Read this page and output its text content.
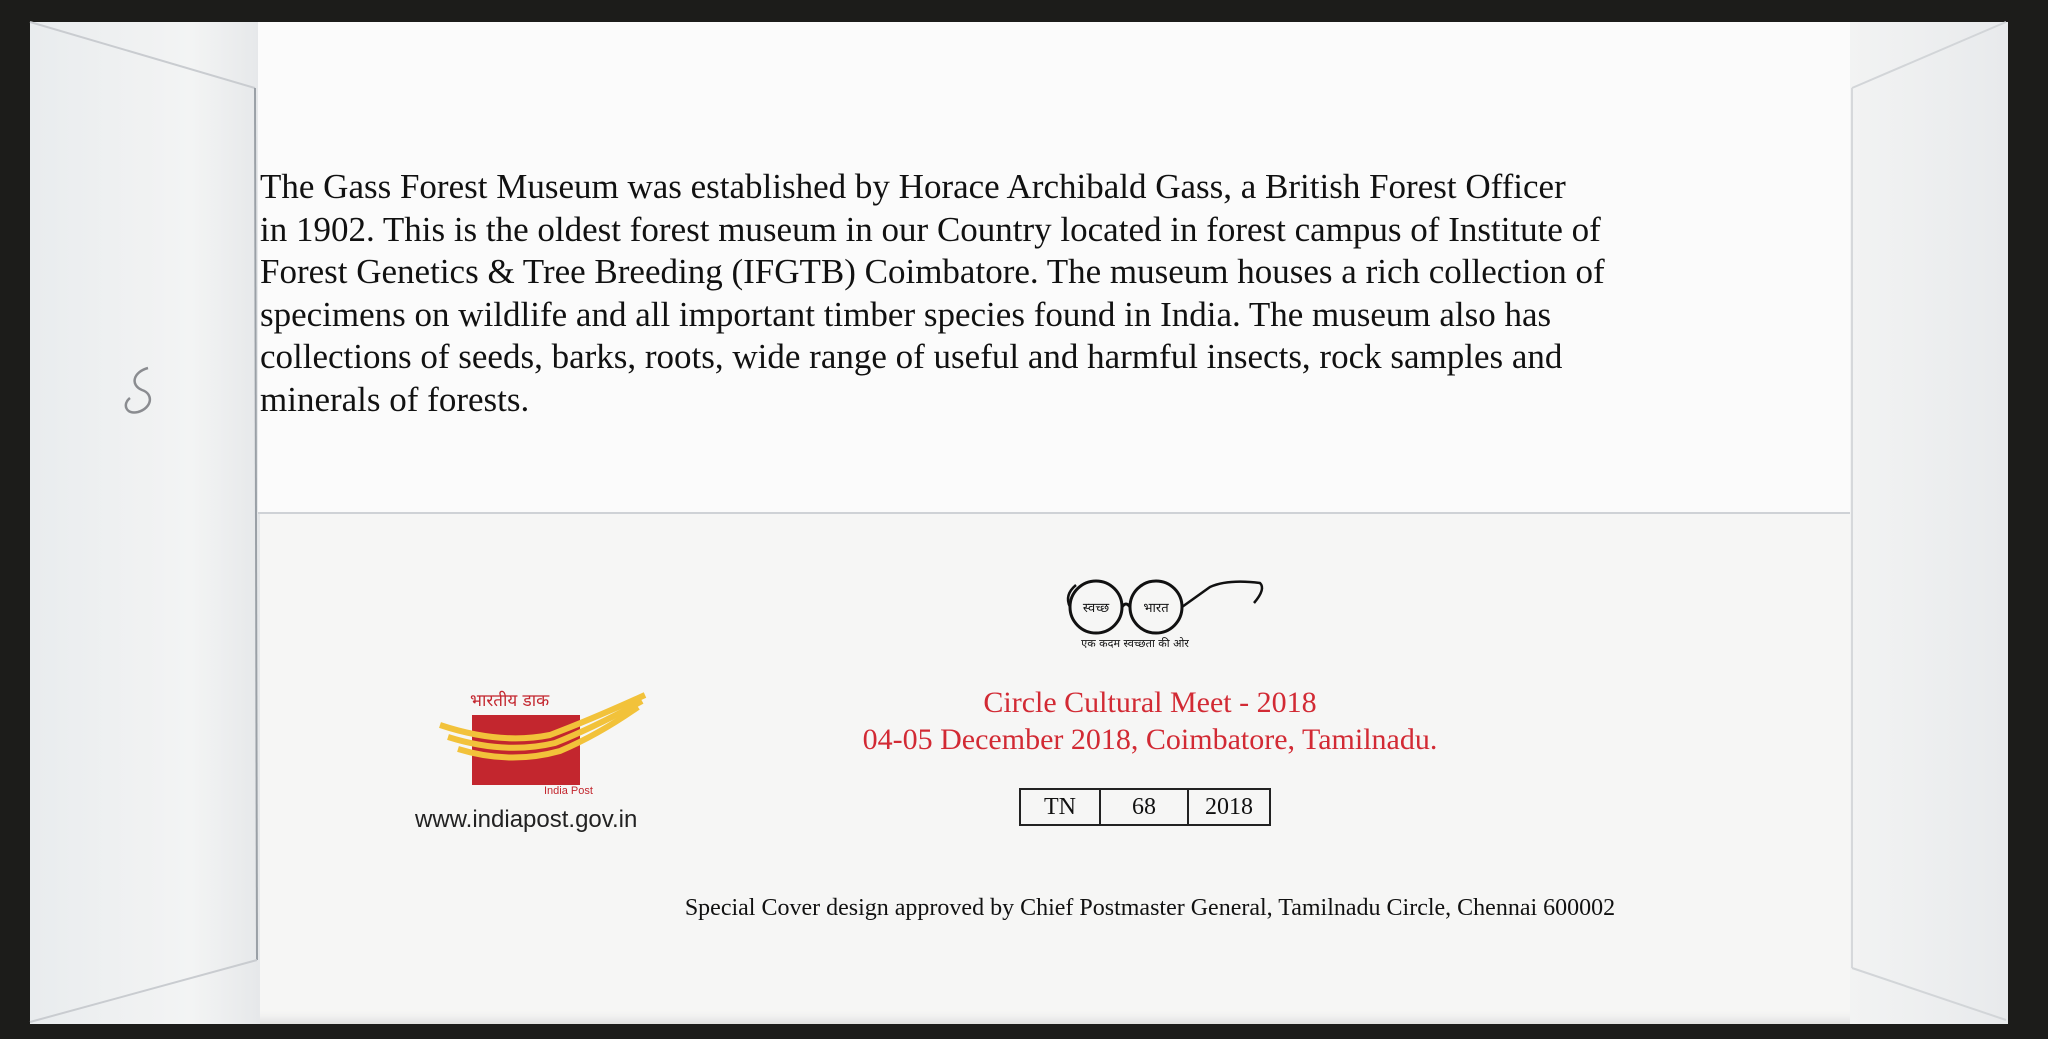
The Gass Forest Museum was established by Horace Archibald Gass, a British Forest Officer

in 1902. This is the oldest forest museum in our Country located in forest campus of Institute of

Forest Genetics & Tree Breeding (IFGTB) Coimbatore. The museum houses a rich collection of

specimens on wildlife and all important timber species found in India. The museum also has

collections of seeds, barks, roots, wide range of useful and harmful insects, rock samples and

minerals of forests.

स्वच्छ	भारत
एक कदम स्वच्छता की ओर
Circle Cultural Meet - 2018
04-05 December 2018, Coimbatore, Tamilnadu.
TN	68	2018
भारतीय डाक
India Post
www.indiapost.gov.in
Special Cover design approved by Chief Postmaster General, Tamilnadu Circle, Chennai 600002
